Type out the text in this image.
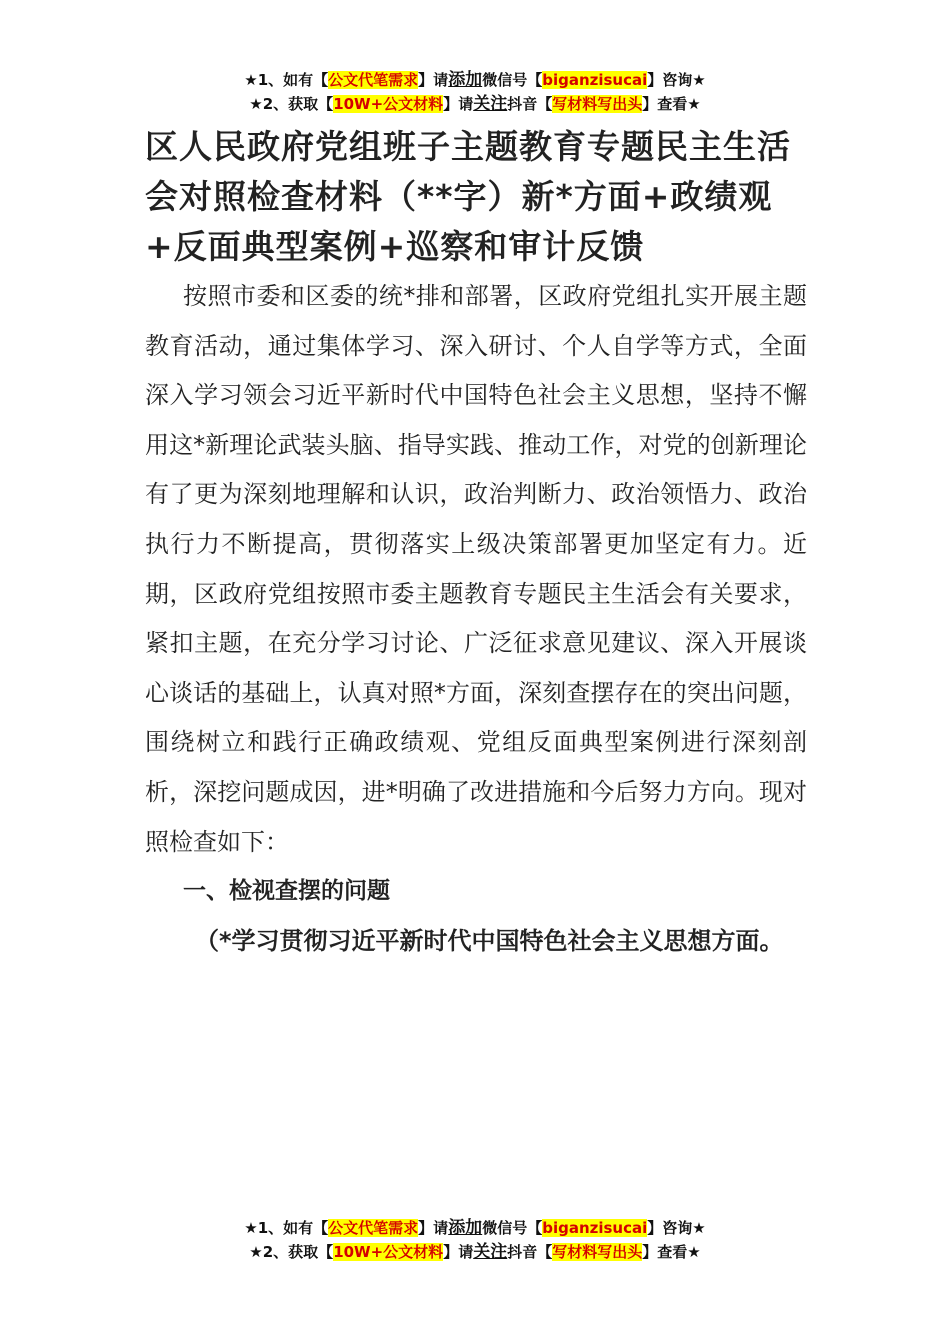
★1、如有【公文代笔需求】请添加微信号【biganzisucai】咨询★
★2、获取【10W+公文材料】请关注抖音【写材料写出头】查看★
区人民政府党组班子主题教育专题民主生活会对照检查材料（**字）新*方面+政绩观+反面典型案例+巡察和审计反馈

按照市委和区委的统*排和部署，区政府党组扎实开展主题教育活动，通过集体学习、深入研讨、个人自学等方式，全面深入学习领会习近平新时代中国特色社会主义思想，坚持不懈用这*新理论武装头脑、指导实践、推动工作，对党的创新理论有了更为深刻地理解和认识，政治判断力、政治领悟力、政治执行力不断提高，贯彻落实上级决策部署更加坚定有力。近期，区政府党组按照市委主题教育专题民主生活会有关要求，紧扣主题，在充分学习讨论、广泛征求意见建议、深入开展谈心谈话的基础上，认真对照*方面，深刻查摆存在的突出问题，围绕树立和践行正确政绩观、党组反面典型案例进行深刻剖析，深挖问题成因，进*明确了改进措施和今后努力方向。现对照检查如下：

一、检视查摆的问题

（*学习贯彻习近平新时代中国特色社会主义思想方面。

★1、如有【公文代笔需求】请添加微信号【biganzisucai】咨询★
★2、获取【10W+公文材料】请关注抖音【写材料写出头】查看★
